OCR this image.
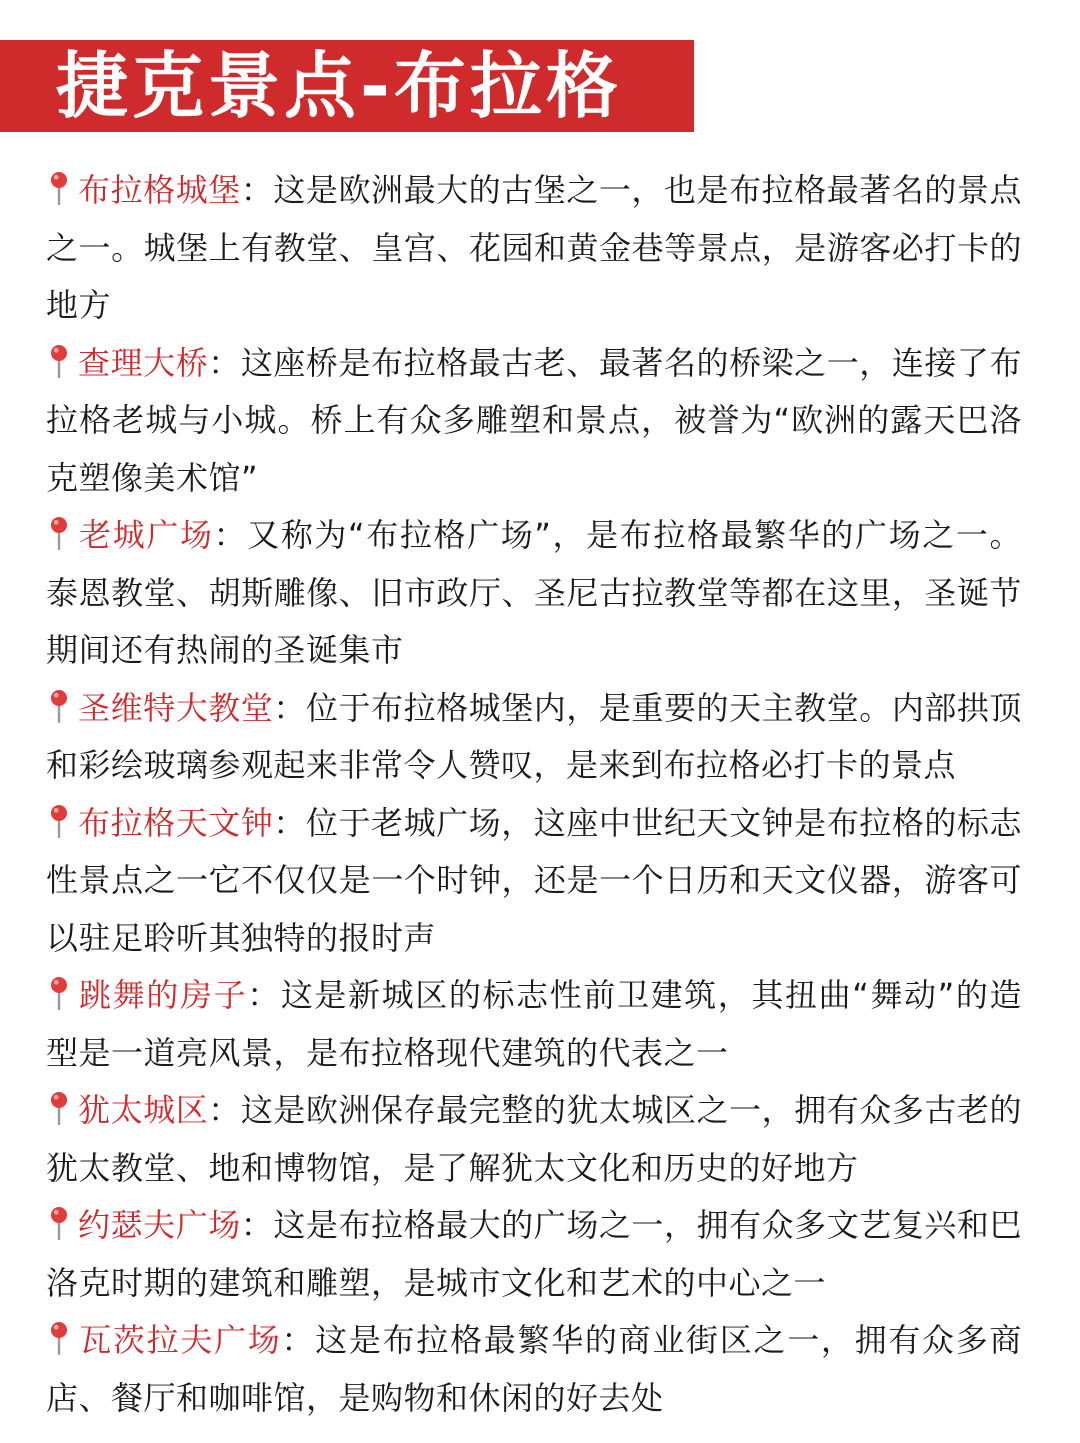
捷克景点-布拉格

布拉格城堡：这是欧洲最大的古堡之一，也是布拉格最著名的景点之一。城堡上有教堂、皇宫、花园和黄金巷等景点，是游客必打卡的地方

查理大桥：这座桥是布拉格最古老、最著名的桥梁之一，连接了布拉格老城与小城。桥上有众多雕塑和景点，被誉为“欧洲的露天巴洛克塑像美术馆”

老城广场：又称为“布拉格广场”，是布拉格最繁华的广场之一。泰恩教堂、胡斯雕像、旧市政厅、圣尼古拉教堂等都在这里，圣诞节期间还有热闹的圣诞集市

圣维特大教堂：位于布拉格城堡内，是重要的天主教堂。内部拱顶和彩绘玻璃参观起来非常令人赞叹，是来到布拉格必打卡的景点

布拉格天文钟：位于老城广场，这座中世纪天文钟是布拉格的标志性景点之一它不仅仅是一个时钟，还是一个日历和天文仪器，游客可以驻足聆听其独特的报时声

跳舞的房子：这是新城区的标志性前卫建筑，其扭曲“舞动”的造型是一道亮风景，是布拉格现代建筑的代表之一

犹太城区：这是欧洲保存最完整的犹太城区之一，拥有众多古老的犹太教堂、地和博物馆，是了解犹太文化和历史的好地方

约瑟夫广场：这是布拉格最大的广场之一，拥有众多文艺复兴和巴洛克时期的建筑和雕塑，是城市文化和艺术的中心之一

瓦茨拉夫广场：这是布拉格最繁华的商业街区之一，拥有众多商店、餐厅和咖啡馆，是购物和休闲的好去处
